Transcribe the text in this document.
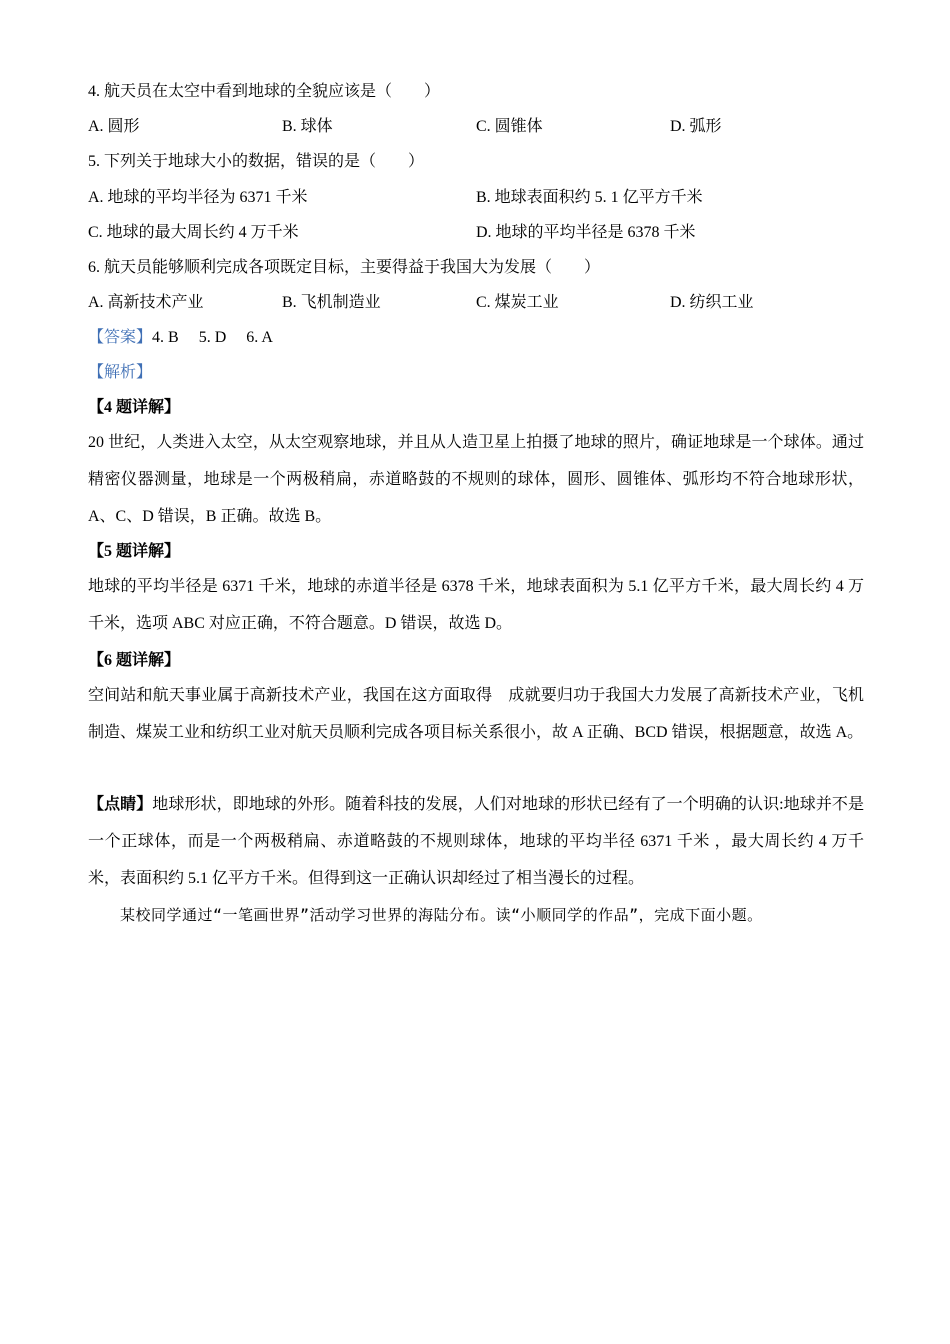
4. 航天员在太空中看到地球的全貌应该是（　　）
A. 圆形	B. 球体	C. 圆锥体	D. 弧形
5. 下列关于地球大小的数据，错误的是（　　）
A. 地球的平均半径为 6371 千米	B. 地球表面积约 5. 1 亿平方千米
C. 地球的最大周长约 4 万千米	D. 地球的平均半径是 6378 千米
6. 航天员能够顺利完成各项既定目标，主要得益于我国大为发展（　　）
A. 高新技术产业	B. 飞机制造业	C. 煤炭工业	D. 纺织工业
【答案】4. B　 5. D　 6. A
【解析】
【4 题详解】
20 世纪，人类进入太空，从太空观察地球，并且从人造卫星上拍摄了地球的照片，确证地球是一个球体。通过精密仪器测量，地球是一个两极稍扁，赤道略鼓的不规则的球体，圆形、圆锥体、弧形均不符合地球形状，A、C、D 错误，B 正确。故选 B。
【5 题详解】
地球的平均半径是 6371 千米，地球的赤道半径是 6378 千米，地球表面积为 5.1 亿平方千米，最大周长约 4 万千米，选项 ABC 对应正确，不符合题意。D 错误，故选 D。
【6 题详解】
空间站和航天事业属于高新技术产业，我国在这方面取得　成就要归功于我国大力发展了高新技术产业，飞机制造、煤炭工业和纺织工业对航天员顺利完成各项目标关系很小，故 A 正确、BCD 错误，根据题意，故选 A。
【点睛】地球形状，即地球的外形。随着科技的发展，人们对地球的形状已经有了一个明确的认识:地球并不是一个正球体，而是一个两极稍扁、赤道略鼓的不规则球体，地球的平均半径 6371 千米 ，最大周长约 4 万千米，表面积约 5.1 亿平方千米。但得到这一正确认识却经过了相当漫长的过程。
某校同学通过“一笔画世界”活动学习世界的海陆分布。读“小顺同学的作品”，完成下面小题。
